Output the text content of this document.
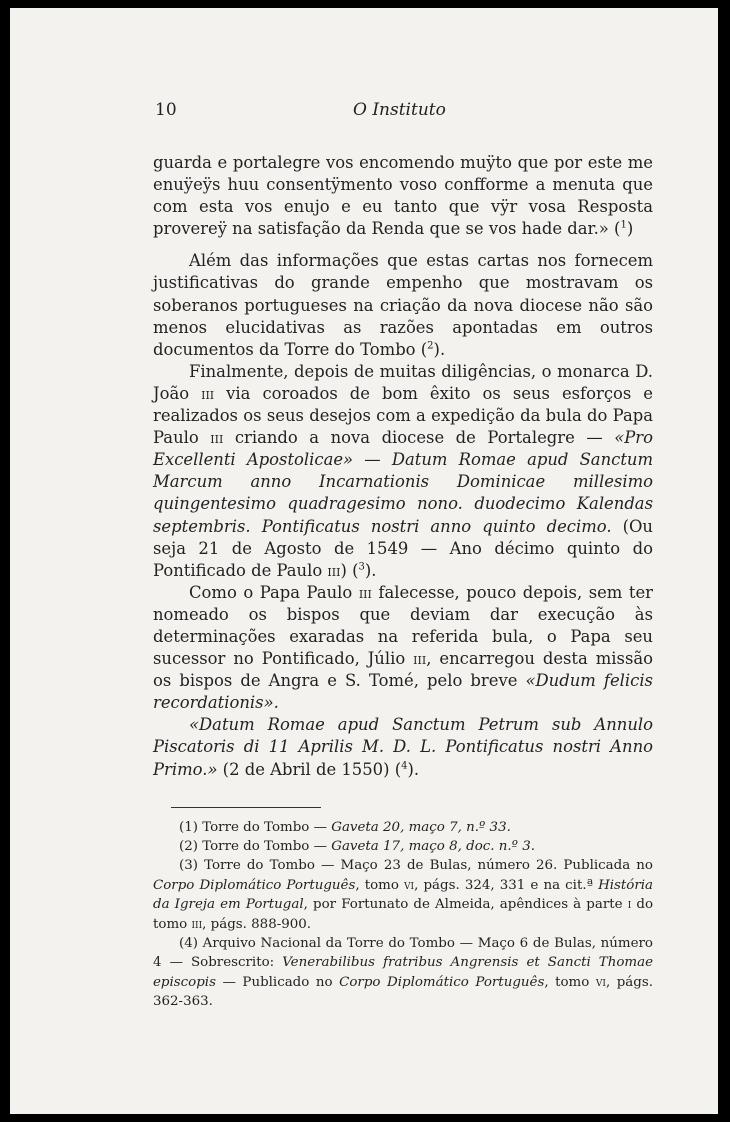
10	O Instituto

guarda e portalegre vos encomendo muÿto que por este me enuÿeÿs huu consentÿmento voso confforme a menuta que com esta vos enujo e eu tanto que vÿr vosa Resposta provereÿ na satisfação da Renda que se vos hade dar.» ($^1$)

Além das informações que estas cartas nos fornecem justificativas do grande empenho que mostravam os soberanos portugueses na criação da nova diocese não são menos elucidativas as razões apontadas em outros documentos da Torre do Tombo ($^2$).

Finalmente, depois de muitas diligências, o monarca D. João iii via coroados de bom êxito os seus esforços e realizados os seus desejos com a expedição da bula do Papa Paulo iii criando a nova diocese de Portalegre — «Pro Excellenti Apostolicae» — Datum Romae apud Sanctum Marcum anno Incarnationis Dominicae millesimo quingentesimo quadragesimo nono. duodecimo Kalendas septembris. Pontificatus nostri anno quinto decimo. (Ou seja 21 de Agosto de 1549 — Ano décimo quinto do Pontificado de Paulo iii) ($^3$).

Como o Papa Paulo iii falecesse, pouco depois, sem ter nomeado os bispos que deviam dar execução às determinações exaradas na referida bula, o Papa seu sucessor no Pontificado, Júlio iii, encarregou desta missão os bispos de Angra e S. Tomé, pelo breve «Dudum felicis recordationis».

«Datum Romae apud Sanctum Petrum sub Annulo Piscatoris di 11 Aprilis M. D. L. Pontificatus nostri Anno Primo.» (2 de Abril de 1550) ($^4$).

(1) Torre do Tombo — Gaveta 20, maço 7, n.º 33.

(2) Torre do Tombo — Gaveta 17, maço 8, doc. n.º 3.

(3) Torre do Tombo — Maço 23 de Bulas, número 26. Publicada no Corpo Diplomático Português, tomo vi, págs. 324, 331 e na cit.ª História da Igreja em Portugal, por Fortunato de Almeida, apêndices à parte i do tomo iii, págs. 888-900.

(4) Arquivo Nacional da Torre do Tombo — Maço 6 de Bulas, número 4 — Sobrescrito: Venerabilibus fratribus Angrensis et Sancti Thomae episcopis — Publicado no Corpo Diplomático Português, tomo vi, págs. 362-363.
